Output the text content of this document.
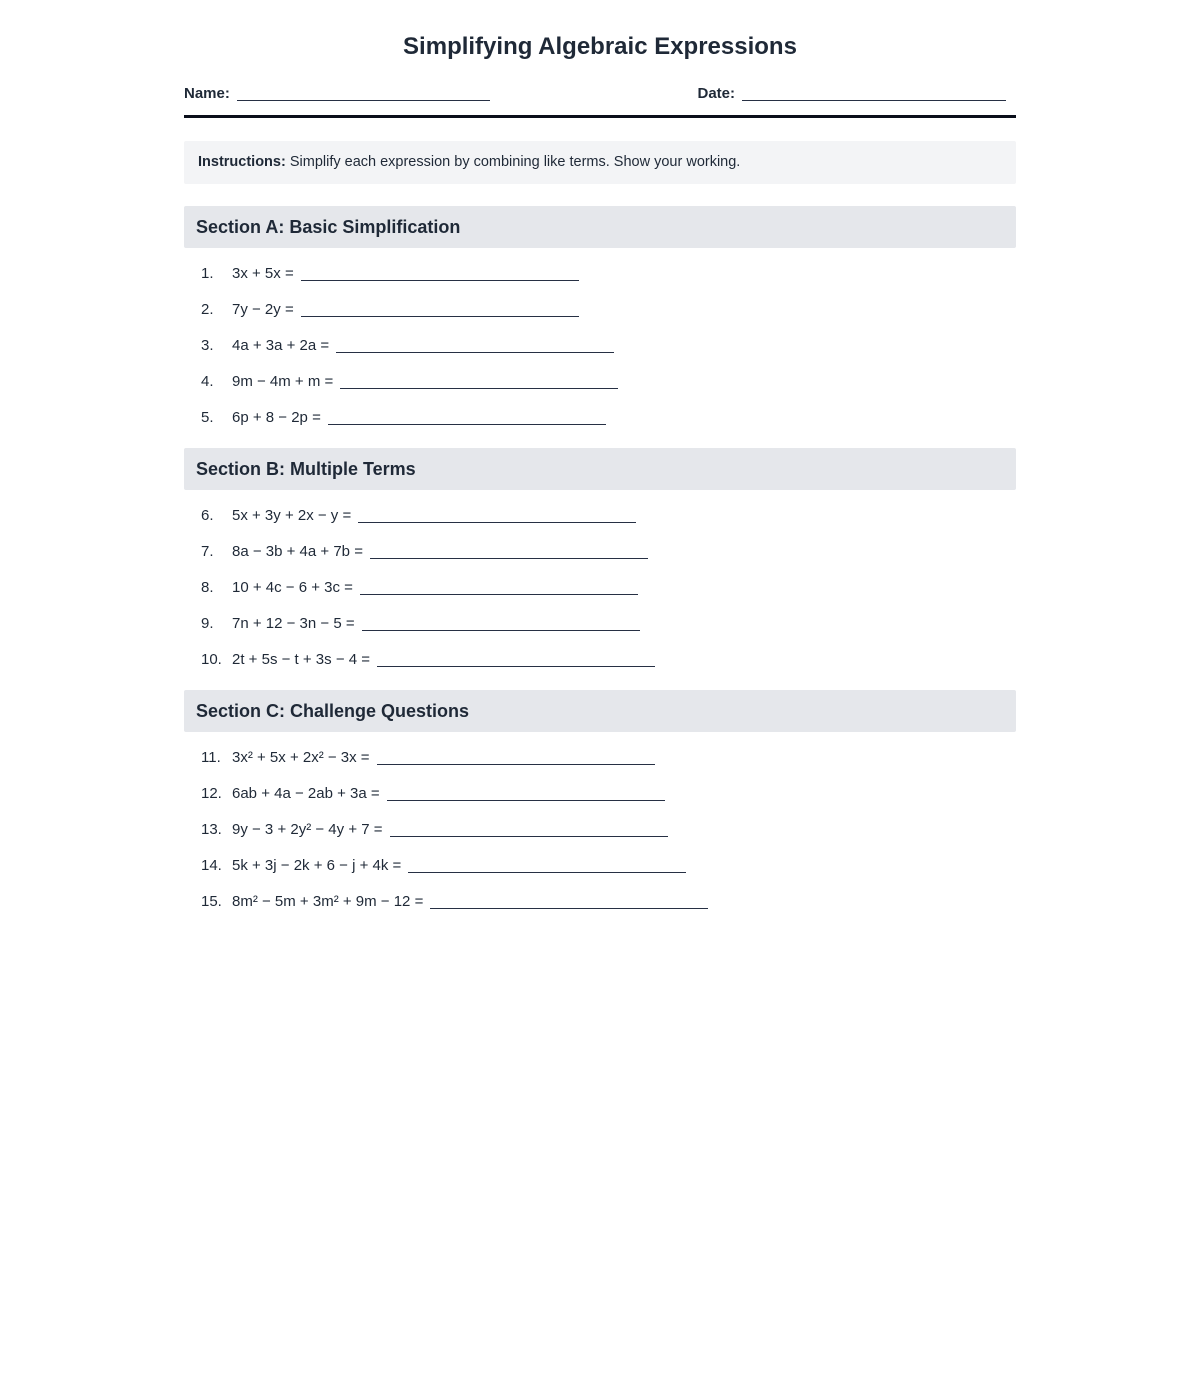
Simplifying Algebraic Expressions
Name:	Date:
Instructions: Simplify each expression by combining like terms. Show your working.
Section A: Basic Simplification
1.	3x + 5x =
2.	7y − 2y =
3.	4a + 3a + 2a =
4.	9m − 4m + m =
5.	6p + 8 − 2p =
Section B: Multiple Terms
6.	5x + 3y + 2x − y =
7.	8a − 3b + 4a + 7b =
8.	10 + 4c − 6 + 3c =
9.	7n + 12 − 3n − 5 =
10. 2t + 5s − t + 3s − 4 =
Section C: Challenge Questions
11. 3x² + 5x + 2x² − 3x =
12. 6ab + 4a − 2ab + 3a =
13. 9y − 3 + 2y² − 4y + 7 =
14. 5k + 3j − 2k + 6 − j + 4k =
15. 8m² − 5m + 3m² + 9m − 12 =
